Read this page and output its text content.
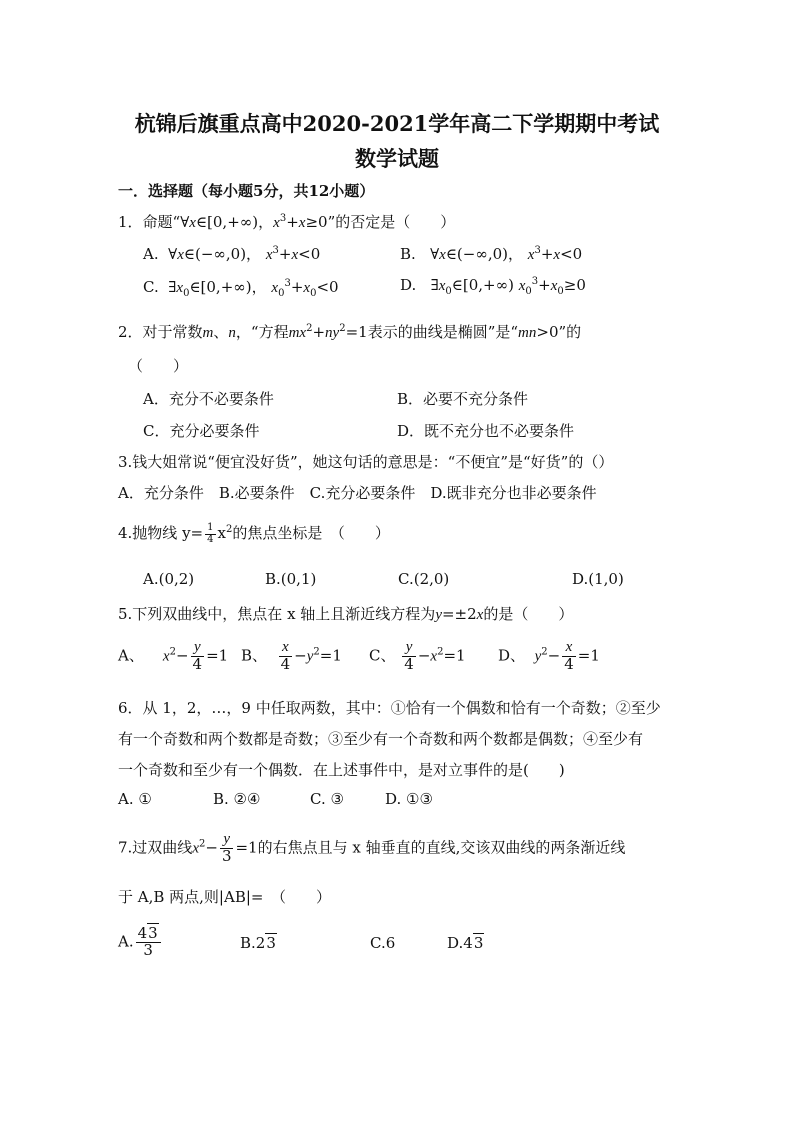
杭锦后旗重点高中2020-2021学年高二下学期期中考试
数学试题
一．选择题（每小题5分，共12小题）
1．命题“∀x∈[0,+∞)，$x^3+x\ge 0$”的否定是（　　）
A. ∀x∈(−∞,0)， $x^3+x<0$	B. ∀x∈(−∞,0)， $x^3+x<0$
C. $\exists x_0\in[0,+\infty)$， $x_0^3+x_0<0$	D. $\exists x_0\in[0,+\infty)$ $x_0^3+x_0\ge 0$
2．对于常数m、n，“方程$mx^2+ny^2=1$表示的曲线是椭圆”是“mn>0”的
（　　）
A．充分不必要条件	B．必要不充分条件
C．充分必要条件	D．既不充分也不必要条件
3.钱大姐常说“便宜没好货”，她这句话的意思是：“不便宜”是“好货”的（）
A．充分条件　B.必要条件　C.充分必要条件　D.既非充分也非必要条件
4.抛物线 $y= \frac{1}{4} x^2$的焦点坐标是　（　　）
A.(0,2)	B.(0,1)	C.(2,0)	D.(1,0)
5.下列双曲线中，焦点在 x 轴上且渐近线方程为y=±2x的是（　　）
A、 $x^2- \frac{y}{4} =1$ B、 $\frac{x}{4} -y^2=1$ C、 $\frac{y}{4} -x^2=1$ D、 $y^2- \frac{x}{4} =1$
6．从 1，2，…，9 中任取两数，其中：①恰有一个偶数和恰有一个奇数；②至少
有一个奇数和两个数都是奇数；③至少有一个奇数和两个数都是偶数；④至少有
一个奇数和至少有一个偶数．在上述事件中，是对立事件的是(　　)
A. ①	B. ②④	C. ③	D. ①③
7.过双曲线$x^2- \frac{y}{3} =1$的右焦点且与 x 轴垂直的直线,交该双曲线的两条渐近线
于 A,B 两点,则|AB|=　（　　）
A. $\frac{43}{3}$	B.23	C.6	D.43
